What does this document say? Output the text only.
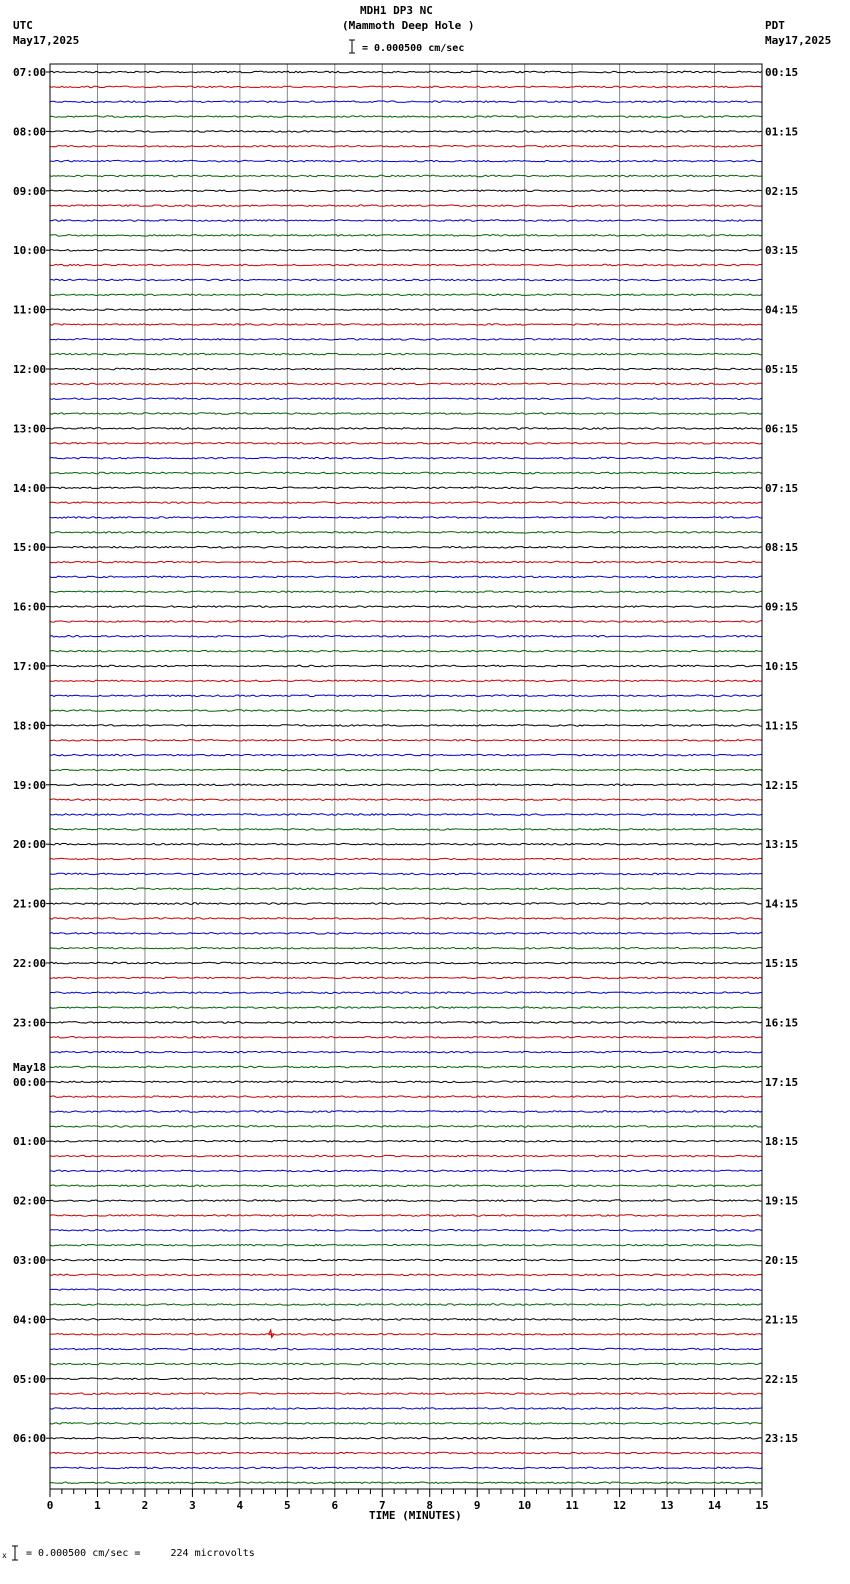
07:00
08:00
09:00
10:00
11:00
12:00
13:00
14:00
15:00
16:00
17:00
18:00
19:00
20:00
21:00
22:00
23:00
00:00
01:00
02:00
03:00
04:00
05:00
06:00
May18
00:15
01:15
02:15
03:15
04:15
05:15
06:15
07:15
08:15
09:15
10:15
11:15
12:15
13:15
14:15
15:15
16:15
17:15
18:15
19:15
20:15
21:15
22:15
23:15
0	1	2	3	4	5	6	7	8	9	10	11	12	13	14	15
MDH1 DP3 NC
(Mammoth Deep Hole )
= 0.000500 cm/sec
UTC
May17,2025
PDT
May17,2025
TIME (MINUTES)
x = 0.000500 cm/sec =     224 microvolts
